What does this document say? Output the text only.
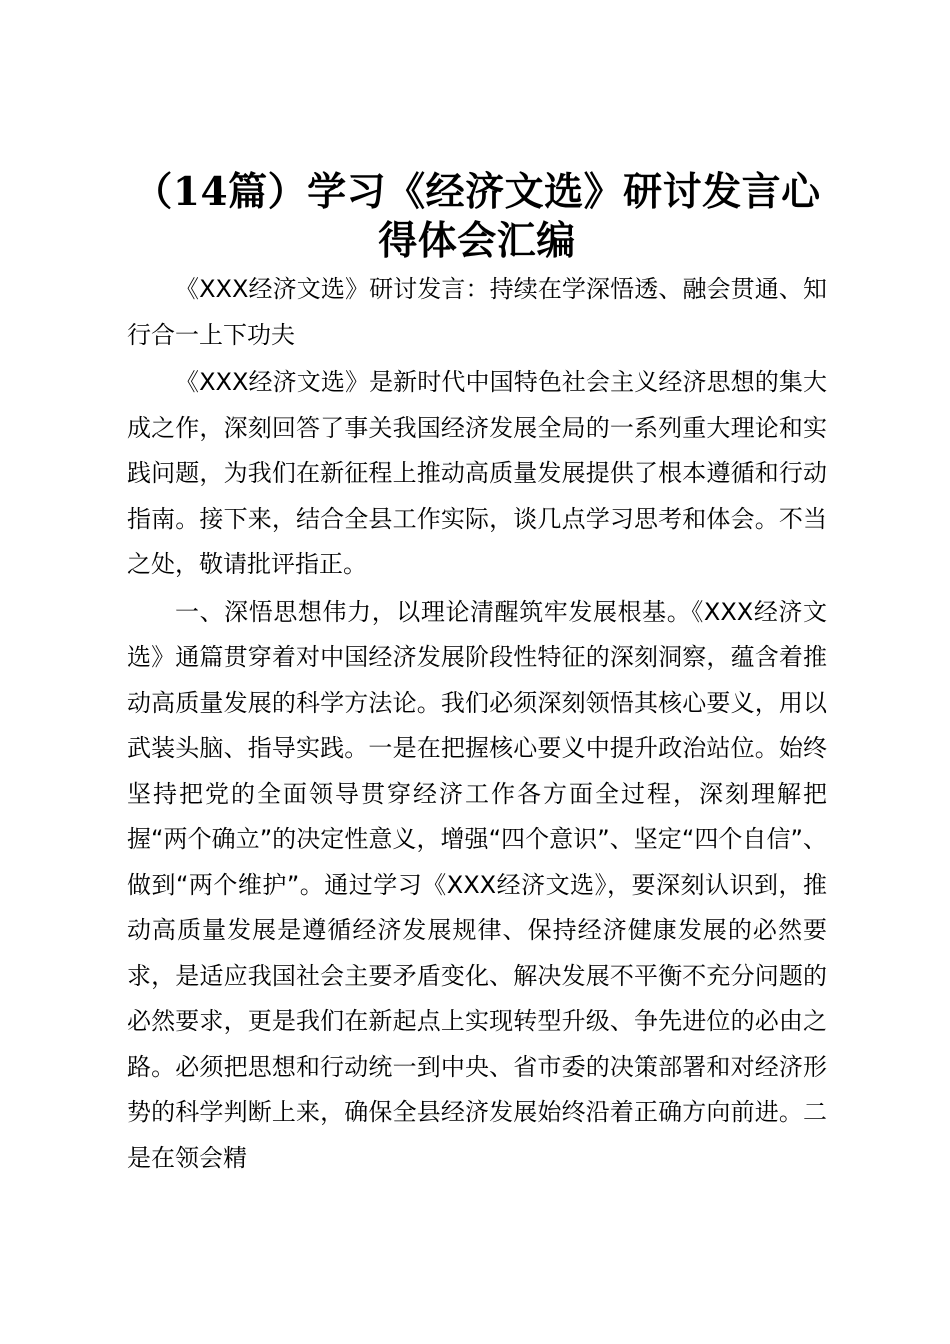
（14篇）学习《经济文选》研讨发言心得体会汇编

《XXX经济文选》研讨发言：持续在学深悟透、融会贯通、知行合一上下功夫

《XXX经济文选》是新时代中国特色社会主义经济思想的集大成之作，深刻回答了事关我国经济发展全局的一系列重大理论和实践问题，为我们在新征程上推动高质量发展提供了根本遵循和行动指南。接下来，结合全县工作实际，谈几点学习思考和体会。不当之处，敬请批评指正。

一、深悟思想伟力，以理论清醒筑牢发展根基。《XXX经济文选》通篇贯穿着对中国经济发展阶段性特征的深刻洞察，蕴含着推动高质量发展的科学方法论。我们必须深刻领悟其核心要义，用以武装头脑、指导实践。一是在把握核心要义中提升政治站位。始终坚持把党的全面领导贯穿经济工作各方面全过程，深刻理解把握“两个确立”的决定性意义，增强“四个意识”、坚定“四个自信”、做到“两个维护”。通过学习《XXX经济文选》，要深刻认识到，推动高质量发展是遵循经济发展规律、保持经济健康发展的必然要求，是适应我国社会主要矛盾变化、解决发展不平衡不充分问题的必然要求，更是我们在新起点上实现转型升级、争先进位的必由之路。必须把思想和行动统一到中央、省市委的决策部署和对经济形势的科学判断上来，确保全县经济发展始终沿着正确方向前进。二是在领会精
